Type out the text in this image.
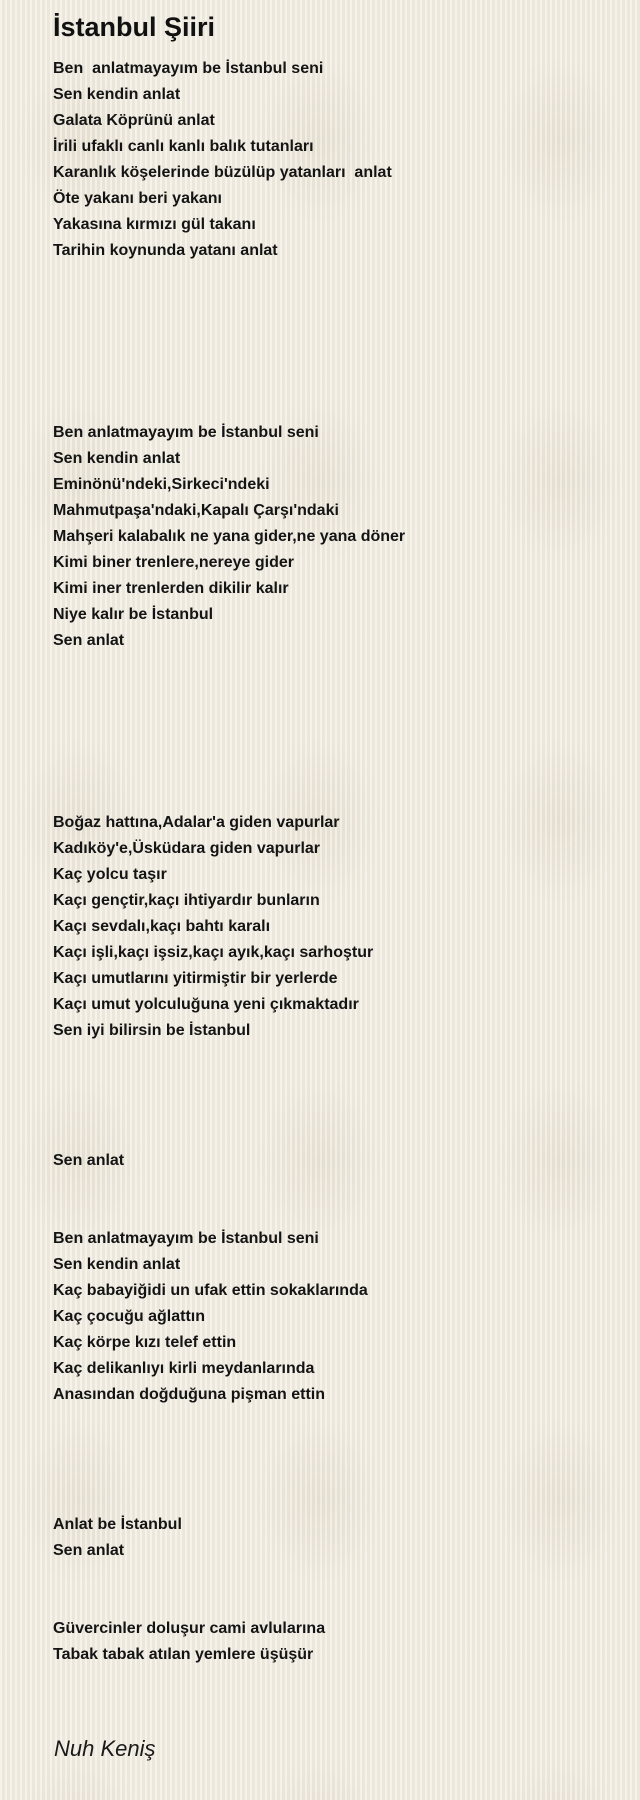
İstanbul Şiiri
Ben  anlatmayayım be İstanbul seni
Sen kendin anlat
Galata Köprünü anlat
İrili ufaklı canlı kanlı balık tutanları
Karanlık köşelerinde büzülüp yatanları  anlat
Öte yakanı beri yakanı
Yakasına kırmızı gül takanı
Tarihin koynunda yatanı anlat
Ben anlatmayayım be İstanbul seni
Sen kendin anlat
Eminönü'ndeki,Sirkeci'ndeki
Mahmutpaşa'ndaki,Kapalı Çarşı'ndaki
Mahşeri kalabalık ne yana gider,ne yana döner
Kimi biner trenlere,nereye gider
Kimi iner trenlerden dikilir kalır
Niye kalır be İstanbul
Sen anlat
Boğaz hattına,Adalar'a giden vapurlar
Kadıköy'e,Üsküdara giden vapurlar
Kaç yolcu taşır
Kaçı gençtir,kaçı ihtiyardır bunların
Kaçı sevdalı,kaçı bahtı karalı
Kaçı işli,kaçı işsiz,kaçı ayık,kaçı sarhoştur
Kaçı umutlarını yitirmiştir bir yerlerde
Kaçı umut yolculuğuna yeni çıkmaktadır
Sen iyi bilirsin be İstanbul
Sen anlat
Ben anlatmayayım be İstanbul seni
Sen kendin anlat
Kaç babayiğidi un ufak ettin sokaklarında
Kaç çocuğu ağlattın
Kaç körpe kızı telef ettin
Kaç delikanlıyı kirli meydanlarında
Anasından doğduğuna pişman ettin
Anlat be İstanbul
Sen anlat
Güvercinler doluşur cami avlularına
Tabak tabak atılan yemlere üşüşür
Nuh Keniş
